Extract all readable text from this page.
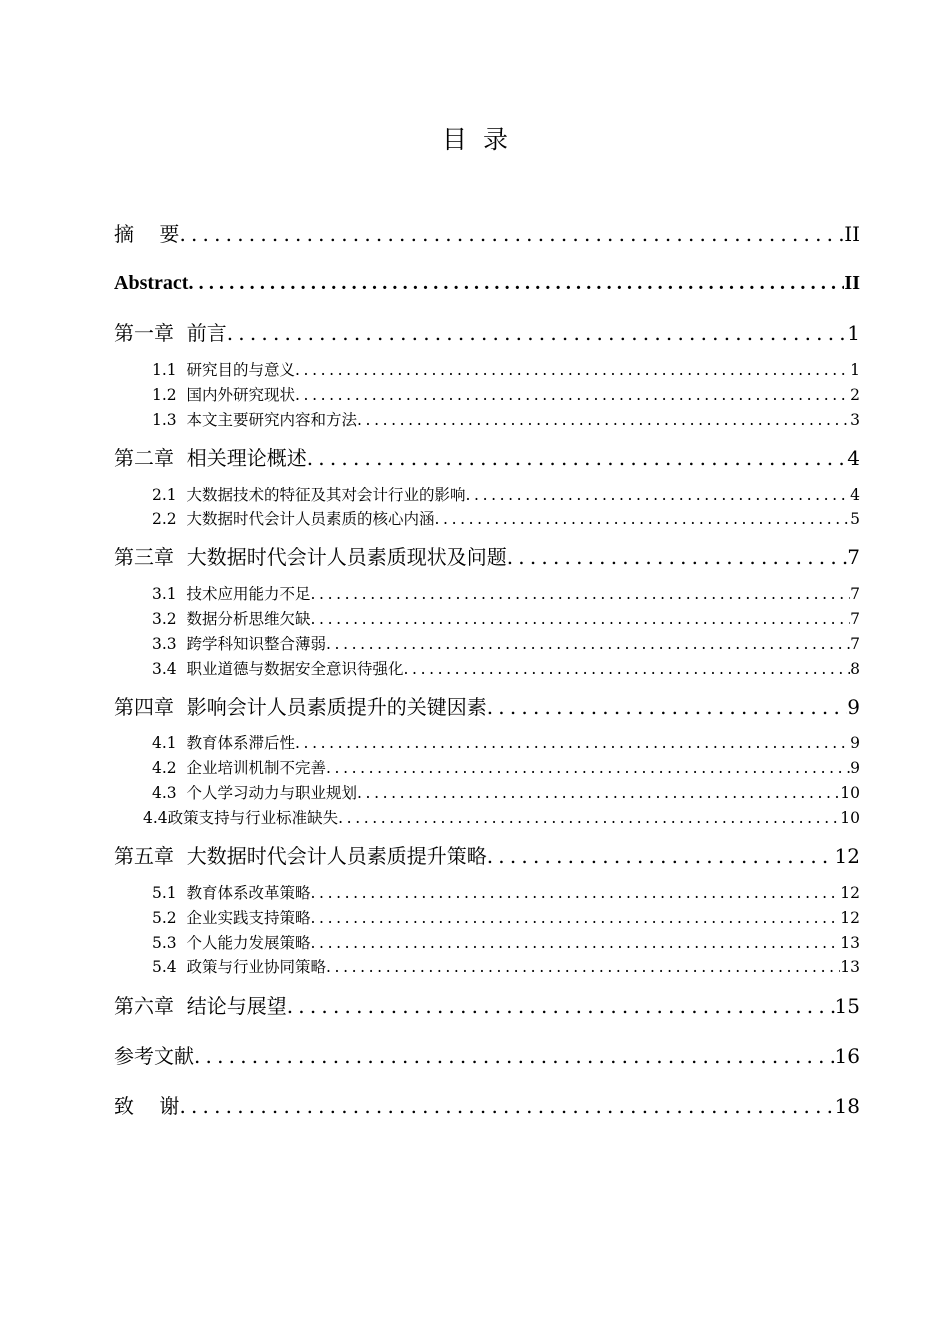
目  录
摘    要 .....	II
Abstract .....	II
第一章  前言 .....	1
1.1  研究目的与意义 .....	1
1.2  国内外研究现状 .....	2
1.3  本文主要研究内容和方法 .....	3
第二章  相关理论概述 .....	4
2.1  大数据技术的特征及其对会计行业的影响 .....	4
2.2  大数据时代会计人员素质的核心内涵 .....	5
第三章  大数据时代会计人员素质现状及问题 .....	7
3.1  技术应用能力不足 .....	7
3.2  数据分析思维欠缺 .....	7
3.3  跨学科知识整合薄弱 .....	7
3.4  职业道德与数据安全意识待强化 .....	8
第四章  影响会计人员素质提升的关键因素 .....	9
4.1  教育体系滞后性 .....	9
4.2  企业培训机制不完善 .....	9
4.3  个人学习动力与职业规划 .....	10
4.4政策支持与行业标准缺失 .....	10
第五章  大数据时代会计人员素质提升策略 .....	12
5.1  教育体系改革策略 .....	12
5.2  企业实践支持策略 .....	12
5.3  个人能力发展策略 .....	13
5.4  政策与行业协同策略 .....	13
第六章  结论与展望 .....	15
参考文献 .....	16
致    谢 .....	18
